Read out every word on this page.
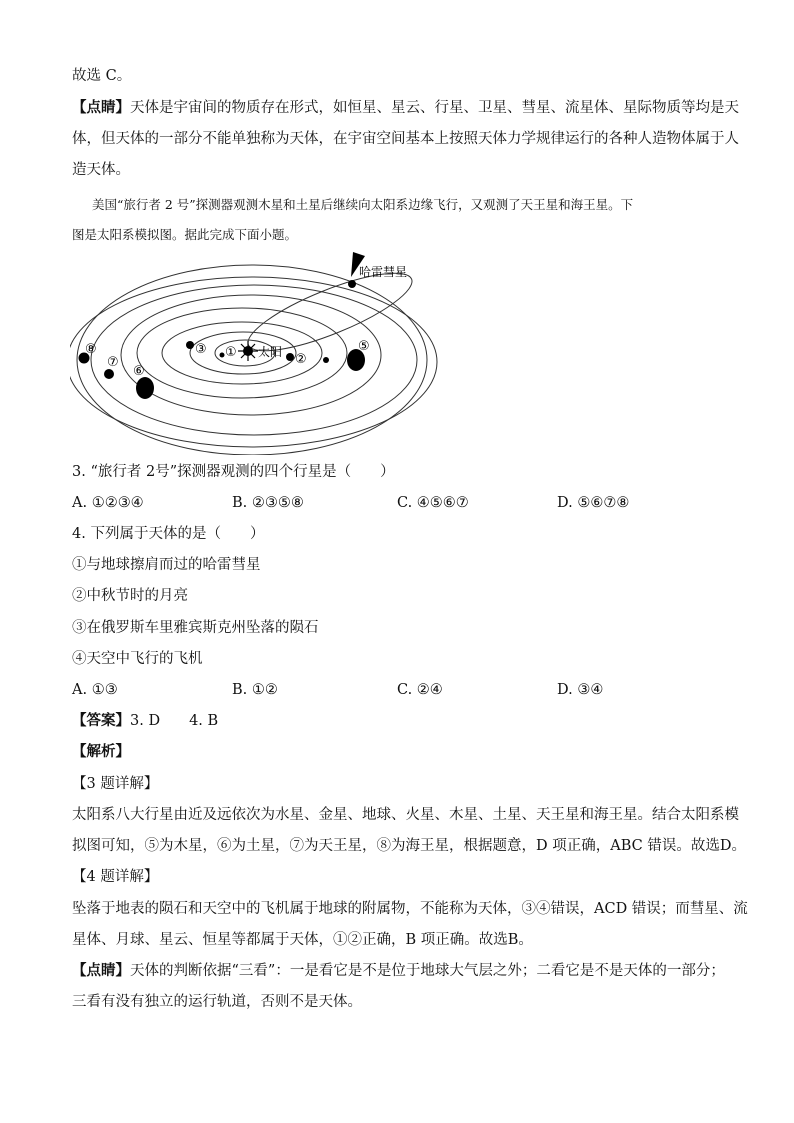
故选 C。
【点睛】天体是宇宙间的物质存在形式，如恒星、星云、行星、卫星、彗星、流星体、星际物质等均是天
体，但天体的一部分不能单独称为天体，在宇宙空间基本上按照天体力学规律运行的各种人造物体属于人
造天体。
美国“旅行者 2 号”探测器观测木星和土星后继续向太阳系边缘飞行，又观测了天王星和海王星。下
图是太阳系模拟图。据此完成下面小题。
太阳
哈雷彗星
①	②
③	⑤
⑥
⑦
⑧
3. “旅行者 2号”探测器观测的四个行星是（　　）
A. ①②③④	B. ②③⑤⑧	C. ④⑤⑥⑦	D. ⑤⑥⑦⑧
4. 下列属于天体的是（　　）
①与地球擦肩而过的哈雷彗星
②中秋节时的月亮
③在俄罗斯车里雅宾斯克州坠落的陨石
④天空中飞行的飞机
A. ①③	B. ①②	C. ②④	D. ③④
【答案】3. D　　4. B
【解析】
【3 题详解】
太阳系八大行星由近及远依次为水星、金星、地球、火星、木星、土星、天王星和海王星。结合太阳系模
拟图可知，⑤为木星，⑥为土星，⑦为天王星，⑧为海王星，根据题意，D 项正确，ABC 错误。故选D。
【4 题详解】
坠落于地表的陨石和天空中的飞机属于地球的附属物，不能称为天体，③④错误，ACD 错误；而彗星、流
星体、月球、星云、恒星等都属于天体，①②正确，B 项正确。故选B。
【点睛】天体的判断依据“三看”：一是看它是不是位于地球大气层之外；二看它是不是天体的一部分；
三看有没有独立的运行轨道，否则不是天体。
